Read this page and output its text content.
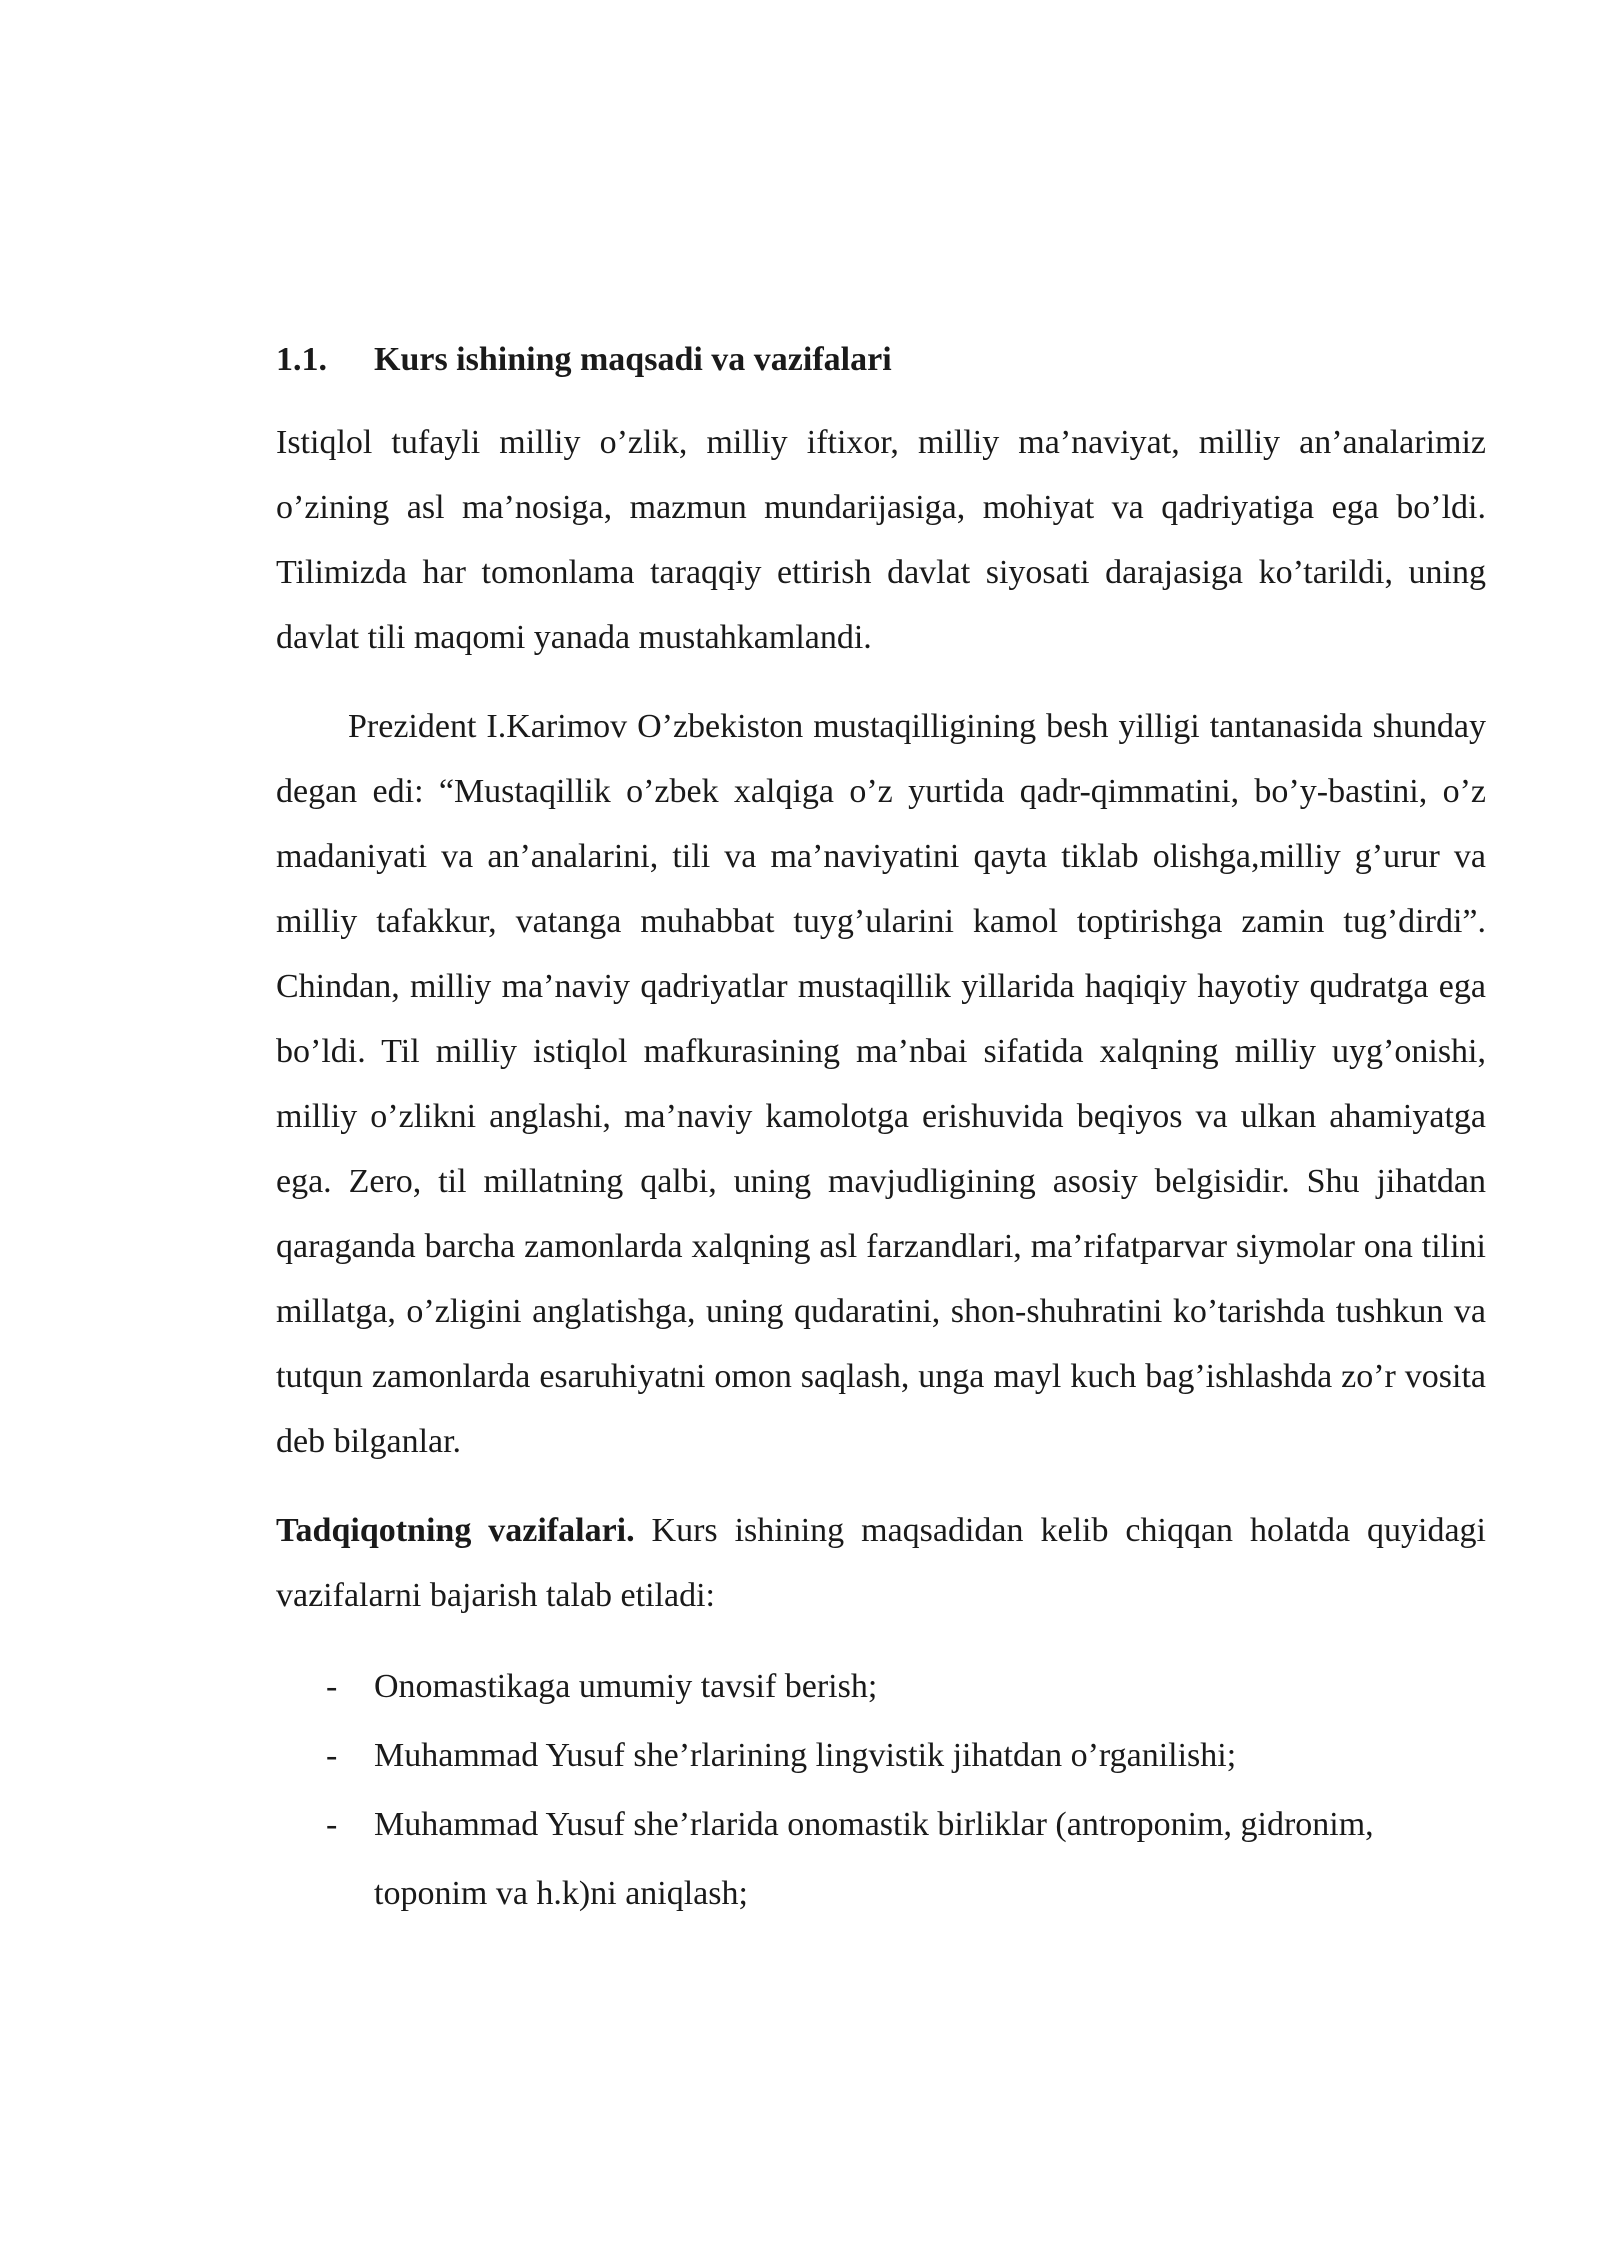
1.1.	Kurs ishining maqsadi va vazifalari

Istiqlol tufayli milliy o’zlik, milliy iftixor, milliy ma’naviyat, milliy an’analarimiz o’zining asl ma’nosiga, mazmun mundarijasiga, mohiyat va qadriyatiga ega bo’ldi. Tilimizda har tomonlama taraqqiy ettirish davlat siyosati darajasiga ko’tarildi, uning davlat tili maqomi yanada mustahkamlandi.

Prezident I.Karimov O’zbekiston mustaqilligining besh yilligi tantanasida shunday degan edi: “Mustaqillik o’zbek xalqiga o’z yurtida qadr-qimmatini, bo’y-bastini, o’z madaniyati va an’analarini, tili va ma’naviyatini qayta tiklab olishga,milliy g’urur va milliy tafakkur, vatanga muhabbat tuyg’ularini kamol toptirishga zamin tug’dirdi”. Chindan, milliy ma’naviy qadriyatlar mustaqillik yillarida haqiqiy hayotiy qudratga ega bo’ldi. Til milliy istiqlol mafkurasining ma’nbai sifatida xalqning milliy uyg’onishi, milliy o’zlikni anglashi, ma’naviy kamolotga erishuvida beqiyos va ulkan ahamiyatga ega. Zero, til millatning qalbi, uning mavjudligining asosiy belgisidir. Shu jihatdan qaraganda barcha zamonlarda xalqning asl farzandlari, ma’rifatparvar siymolar ona tilini millatga, o’zligini anglatishga, uning qudaratini, shon-shuhratini ko’tarishda tushkun va tutqun zamonlarda esaruhiyatni omon saqlash, unga mayl kuch bag’ishlashda zo’r vosita deb bilganlar.

Tadqiqotning vazifalari. Kurs ishining maqsadidan kelib chiqqan holatda quyidagi vazifalarni bajarish talab etiladi:

-	Onomastikaga umumiy tavsif berish;
-	Muhammad Yusuf she’rlarining lingvistik jihatdan o’rganilishi;
-	Muhammad Yusuf she’rlarida onomastik birliklar (antroponim, gidronim, toponim va h.k)ni aniqlash;
